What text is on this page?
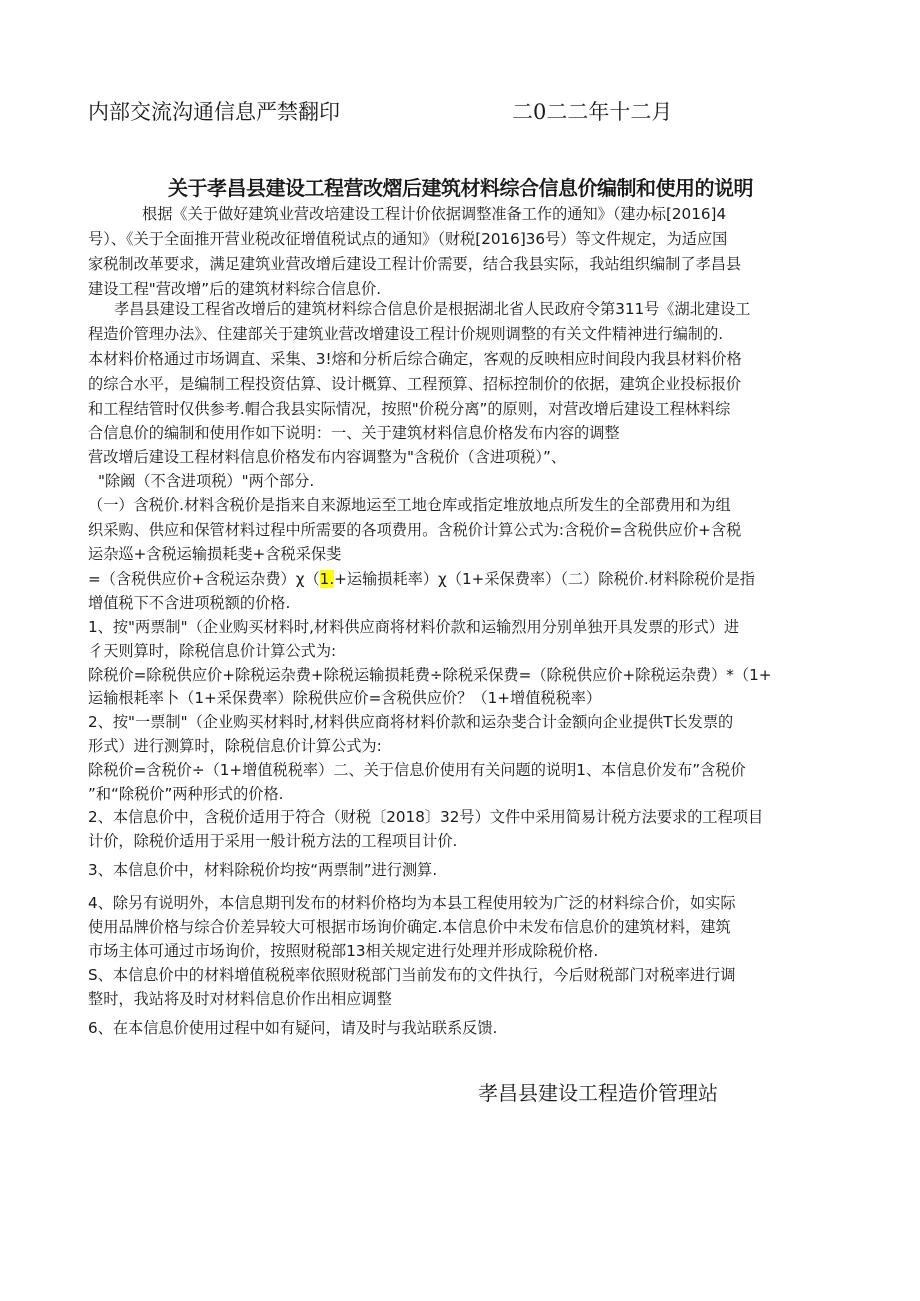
内部交流沟通信息严禁翻印	二0二二年十二月
关于孝昌县建设工程营改熠后建筑材料综合信息价编制和使用的说明
根据《关于做好建筑业营改培建设工程计价依据调整准备工作的通知》（建办标[2016]4
号）、《关于全面推开营业税改征增值税试点的通知》（财税[2016]36号）等文件规定，为适应国
家税制改革要求，满足建筑业营改增后建设工程计价需要，结合我县实际，我站组织编制了孝昌县
建设工程"营改增”后的建筑材料综合信息价.
孝昌县建设工程省改增后的建筑材料综合信息价是根据湖北省人民政府令第311号《湖北建设工
程造价管理办法》、住建部关于建筑业营改增建设工程计价规则调整的有关文件精神进行编制的.
本材料价格通过市场调直、采集、3!熔和分析后综合确定，客观的反映相应时间段内我县材料价格
的综合水平，是编制工程投资估算、设计概算、工程预算、招标控制价的依据，建筑企业投标报价
和工程结管时仅供参考.帽合我县实际情况，按照"价税分离”的原则，对营改增后建设工程林料综
合信息价的编制和使用作如下说明：一、关于建筑材料信息价格发布内容的调整
营改增后建设工程材料信息价格发布内容调整为"含税价（含进项税）”、
"除阚（不含进项税）"两个部分.
（一）含税价.材料含税价是指来自来源地运至工地仓库或指定堆放地点所发生的全部费用和为组
织采购、供应和保管材料过程中所需要的各项费用。含税价计算公式为:含税价=含税供应价+含税
运杂巡+含税运输损耗斐+含税采保斐
=（含税供应价+含税运杂费）χ（1.+运输损耗率）χ（1+采保费率）（二）除税价.材料除税价是指
增值税下不含进项税额的价格.
1、按"两票制"（企业购买材料时,材料供应商将材料价款和运输烈用分别单独开具发票的形式）进
彳天则算时，除税信息价计算公式为:
除税价=除税供应价+除税运杂费+除税运输损耗费÷除税采保费=（除税供应价+除税运杂费）*（1+
运输根耗率卜（1+采保费率）除税供应价=含税供应价？（1+增值税税率）
2、按"一票制"（企业购买材料时,材料供应商将材料价款和运杂斐合计金额向企业提供T长发票的
形式）进行测算时，除税信息价计算公式为:
除税价=含税价÷（1+增值税税率）二、关于信息价使用有关问题的说明1、本信息价发布”含税价
”和“除税价”两种形式的价格.
2、本信息价中，含税价适用于符合（财税〔2018〕32号）文件中采用简易计税方法要求的工程项目
计价，除税价适用于采用一般计税方法的工程项目计价.
3、本信息价中，材料除税价均按“两票制”进行测算.
4、除另有说明外，本信息期刊发布的材料价格均为本县工程使用较为广泛的材料综合价，如实际
使用品牌价格与综合价差异较大可根据市场询价确定.本信息价中未发布信息价的建筑材料，建筑
市场主体可通过市场询价，按照财税部13相关规定进行处理并形成除税价格.
S、本信息价中的材料增值税税率依照财税部门当前发布的文件执行，今后财税部门对税率进行调
整时，我站将及时对材料信息价作出相应调整
6、在本信息价使用过程中如有疑问，请及时与我站联系反馈.
孝昌县建设工程造价管理站
